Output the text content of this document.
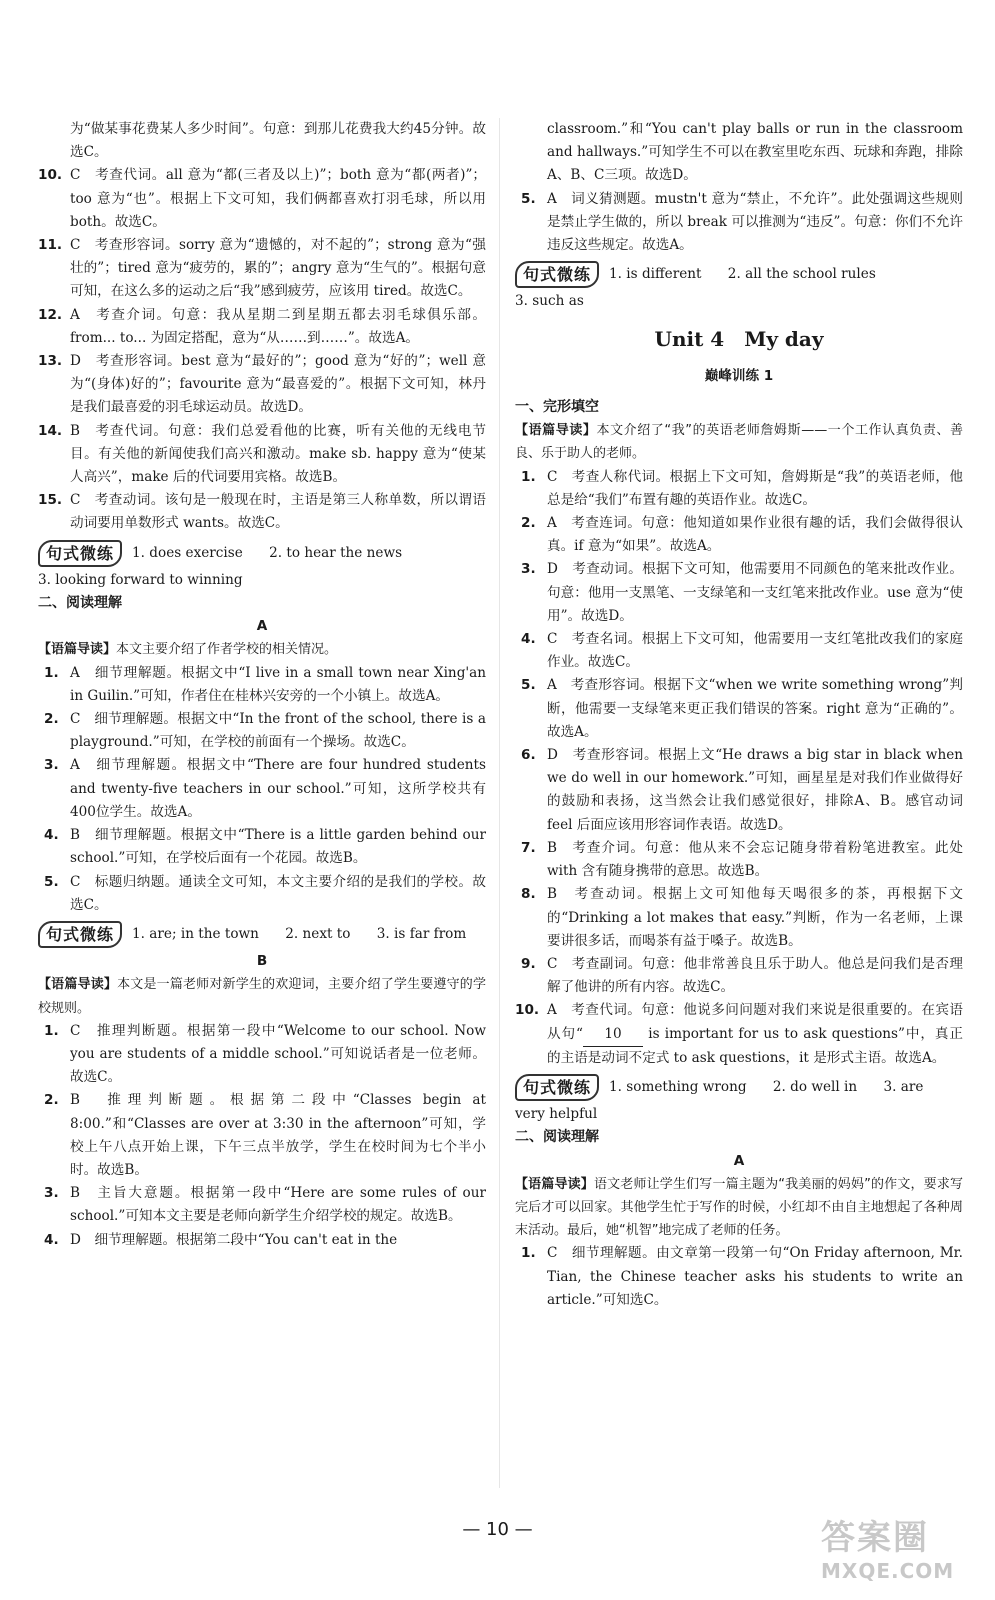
为“做某事花费某人多少时间”。句意：到那儿花费我大约45分钟。故选C。
10. C　考查代词。all 意为“都(三者及以上)”；both 意为“都(两者)”；too 意为“也”。根据上下文可知，我们俩都喜欢打羽毛球，所以用 both。故选C。
11. C　考查形容词。sorry 意为“遗憾的，对不起的”；strong 意为“强壮的”；tired 意为“疲劳的，累的”；angry 意为“生气的”。根据句意可知，在这么多的运动之后“我”感到疲劳，应该用 tired。故选C。
12. A　考查介词。句意：我从星期二到星期五都去羽毛球俱乐部。from... to... 为固定搭配，意为“从……到……”。故选A。
13. D　考查形容词。best 意为“最好的”；good 意为“好的”；well 意为“(身体)好的”；favourite 意为“最喜爱的”。根据下文可知，林丹是我们最喜爱的羽毛球运动员。故选D。
14. B　考查代词。句意：我们总爱看他的比赛，听有关他的无线电节目。有关他的新闻使我们高兴和激动。make sb. happy 意为“使某人高兴”，make 后的代词要用宾格。故选B。
15. C　考查动词。该句是一般现在时，主语是第三人称单数，所以谓语动词要用单数形式 wants。故选C。
句式微练	1. does exercise 2. to hear the news
3. looking forward to winning
二、阅读理解
A
【语篇导读】本文主要介绍了作者学校的相关情况。
1. A　细节理解题。根据文中“I live in a small town near Xing'an in Guilin.”可知，作者住在桂林兴安旁的一个小镇上。故选A。
2. C　细节理解题。根据文中“In the front of the school, there is a playground.”可知，在学校的前面有一个操场。故选C。
3. A　细节理解题。根据文中“There are four hundred students and twenty-five teachers in our school.”可知，这所学校共有400位学生。故选A。
4. B　细节理解题。根据文中“There is a little garden behind our school.”可知，在学校后面有一个花园。故选B。
5. C　标题归纳题。通读全文可知，本文主要介绍的是我们的学校。故选C。
句式微练	1. are; in the town 2. next to 3. is far from
B
【语篇导读】本文是一篇老师对新学生的欢迎词，主要介绍了学生要遵守的学校规则。
1. C　推理判断题。根据第一段中“Welcome to our school. Now you are students of a middle school.”可知说话者是一位老师。故选C。
2. B　推理判断题。根据第二段中“Classes begin at 8:00.”和“Classes are over at 3:30 in the afternoon”可知，学校上午八点开始上课，下午三点半放学，学生在校时间为七个半小时。故选B。
3. B　主旨大意题。根据第一段中“Here are some rules of our school.”可知本文主要是老师向新学生介绍学校的规定。故选B。
4. D　细节理解题。根据第二段中“You can't eat in the
classroom.”和“You can't play balls or run in the classroom and hallways.”可知学生不可以在教室里吃东西、玩球和奔跑，排除A、B、C三项。故选D。
5. A　词义猜测题。mustn't 意为“禁止，不允许”。此处强调这些规则是禁止学生做的，所以 break 可以推测为“违反”。句意：你们不允许违反这些规定。故选A。
句式微练	1. is different 2. all the school rules
3. such as
Unit 4　My day
巅峰训练 1
一、完形填空
【语篇导读】本文介绍了“我”的英语老师詹姆斯——一个工作认真负责、善良、乐于助人的老师。
1. C　考查人称代词。根据上下文可知，詹姆斯是“我”的英语老师，他总是给“我们”布置有趣的英语作业。故选C。
2. A　考查连词。句意：他知道如果作业很有趣的话，我们会做得很认真。if 意为“如果”。故选A。
3. D　考查动词。根据下文可知，他需要用不同颜色的笔来批改作业。句意：他用一支黑笔、一支绿笔和一支红笔来批改作业。use 意为“使用”。故选D。
4. C　考查名词。根据上下文可知，他需要用一支红笔批改我们的家庭作业。故选C。
5. A　考查形容词。根据下文“when we write something wrong”判断，他需要一支绿笔来更正我们错误的答案。right 意为“正确的”。故选A。
6. D　考查形容词。根据上文“He draws a big star in black when we do well in our homework.”可知，画星星是对我们作业做得好的鼓励和表扬，这当然会让我们感觉很好，排除A、B。感官动词 feel 后面应该用形容词作表语。故选D。
7. B　考查介词。句意：他从来不会忘记随身带着粉笔进教室。此处 with 含有随身携带的意思。故选B。
8. B　考查动词。根据上文可知他每天喝很多的茶，再根据下文的“Drinking a lot makes that easy.”判断，作为一名老师，上课要讲很多话，而喝茶有益于嗓子。故选B。
9. C　考查副词。句意：他非常善良且乐于助人。他总是问我们是否理解了他讲的所有内容。故选C。
10. A　考查代词。句意：他说多问问题对我们来说是很重要的。在宾语从句“ 10 is important for us to ask questions”中，真正的主语是动词不定式 to ask questions，it 是形式主语。故选A。
句式微练	1. something wrong 2. do well in 3. are
very helpful
二、阅读理解
A
【语篇导读】语文老师让学生们写一篇主题为“我美丽的妈妈”的作文，要求写完后才可以回家。其他学生忙于写作的时候，小红却不由自主地想起了各种周末活动。最后，她“机智”地完成了老师的任务。
1. C　细节理解题。由文章第一段第一句“On Friday afternoon, Mr. Tian, the Chinese teacher asks his students to write an article.”可知选C。
— 10 —	答案圈
MXQE.COM
